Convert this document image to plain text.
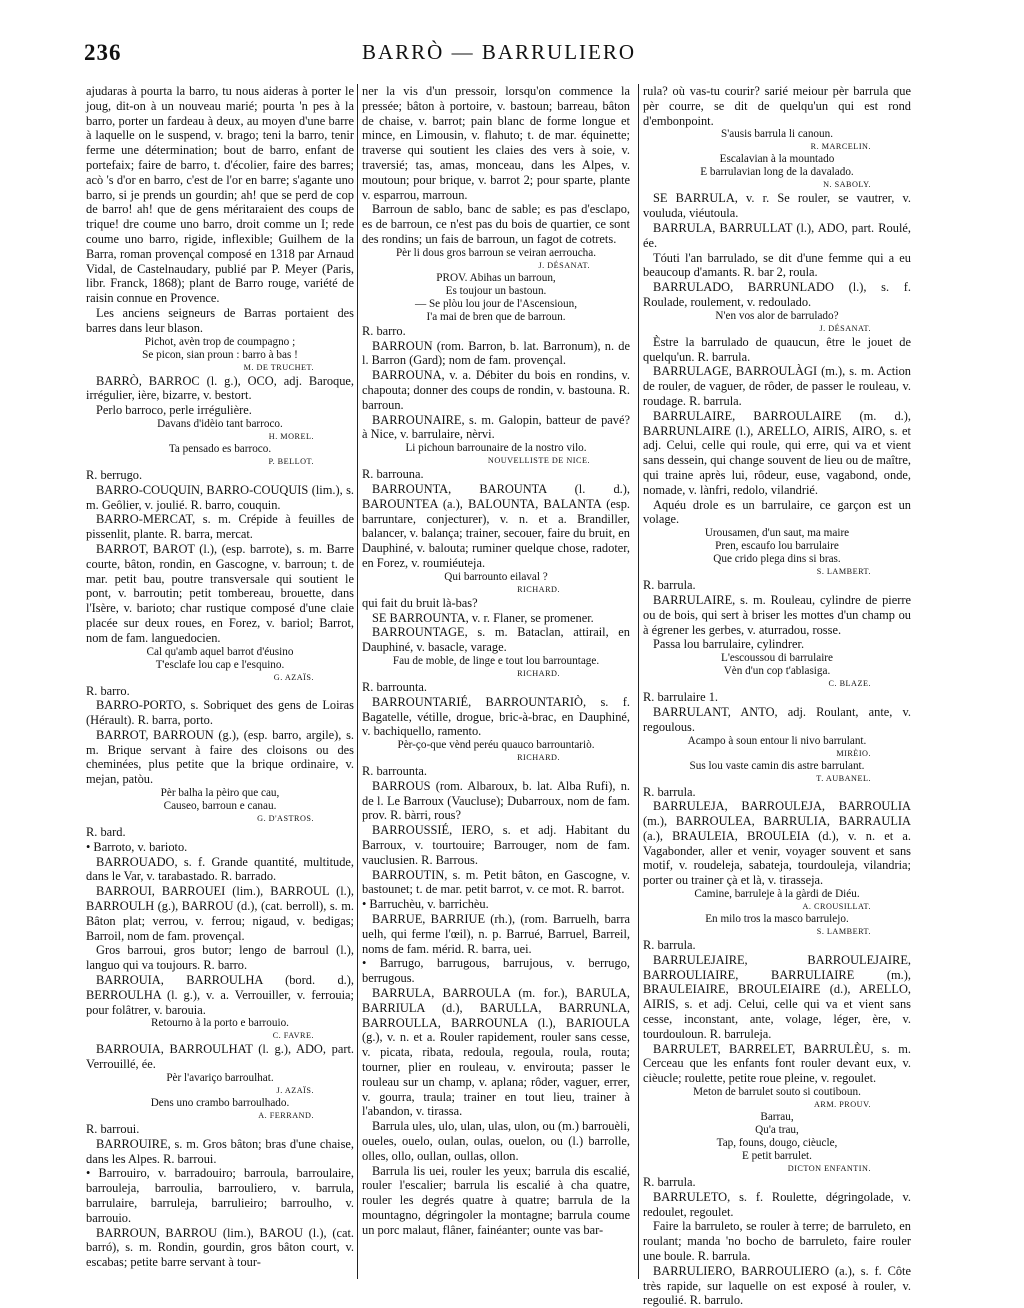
236	BARRÒ — BARRULIERO

ajudaras à pourta la barro, tu nous aideras à porter le joug, dit-on à un nouveau marié; pourta 'n pes à la barro, porter un fardeau à deux, au moyen d'une barre à laquelle on le suspend, v. brago; teni la barro, tenir ferme une détermination; bout de barro, enfant de portefaix; faire de barro, t. d'écolier, faire des barres; acò 's d'or en barro, c'est de l'or en barre; s'agante uno barro, si je prends un gourdin; ah! que se perd de cop de barro! ah! que de gens méritaraient des coups de trique! dre coume uno barro, droit comme un I; rede coume uno barro, rigide, inflexible; Guilhem de la Barra, roman provençal composé en 1318 par Arnaud Vidal, de Castelnaudary, publié par P. Meyer (Paris, libr. Franck, 1868); plant de Barro rouge, variété de raisin connue en Provence.

Les anciens seigneurs de Barras portaient des barres dans leur blason.

Pichot, avèn trop de coumpagno ;
Se picon, sian proun : barro à bas !
M. DE TRUCHET.

BARRÒ, BARROC (l. g.), OCO, adj. Baroque, irrégulier, ière, bizarre, v. bestort.

Perlo barroco, perle irrégulière.

Davans d'idèio tant barroco.
H. MOREL.
Ta pensado es barroco.
P. BELLOT.

R. berrugo.

BARRO-COUQUIN, BARRO-COUQUIS (lim.), s. m. Geôlier, v. joulié. R. barro, couquin.

BARRO-MERCAT, s. m. Crépide à feuilles de pissenlit, plante. R. barra, mercat.

BARROT, BAROT (l.), (esp. barrote), s. m. Barre courte, bâton, rondin, en Gascogne, v. barroun; t. de mar. petit bau, poutre transversale qui soutient le pont, v. barroutin; petit tombereau, brouette, dans l'Isère, v. barioto; char rustique composé d'une claie placée sur deux roues, en Forez, v. bariol; Barrot, nom de fam. languedocien.

Cal qu'amb aquel barrot d'éusino
T'esclafe lou cap e l'esquino.
G. AZAÏS.

R. barro.

BARRO-PORTO, s. Sobriquet des gens de Loiras (Hérault). R. barra, porto.

BARROT, BARROUN (g.), (esp. barro, argile), s. m. Brique servant à faire des cloisons ou des cheminées, plus petite que la brique ordinaire, v. mejan, patòu.

Pèr balha la pèiro que cau,
Causeo, barroun e canau.
G. D'ASTROS.

R. bard.

• Barroto, v. barioto.

BARROUADO, s. f. Grande quantité, multitude, dans le Var, v. tarabastado. R. barrado.

BARROUI, BARROUEI (lim.), BARROUL (l.), BARROULH (g.), BARROU (d.), (cat. berroll), s. m. Bâton plat; verrou, v. ferrou; nigaud, v. bedigas; Barroil, nom de fam. provençal.

Gros barroui, gros butor; lengo de barroul (l.), languo qui va toujours. R. barro.

BARROUIA, BARROULHA (bord. d.), BERROULHA (l. g.), v. a. Verrouiller, v. ferrouia; pour folâtrer, v. barouia.

Retourno à la porto e barrouio.
C. FAVRE.

BARROUIA, BARROULHAT (l. g.), ADO, part. Verrouillé, ée.

Pèr l'avariço barroulhat.
J. AZAÏS.
Dens uno crambo barroulhado.
A. FERRAND.

R. barroui.

BARROUIRE, s. m. Gros bâton; bras d'une chaise, dans les Alpes. R. barroui.

• Barrouiro, v. barradouiro; barroula, barroulaire, barrouleja, barroulia, barrouliero, v. barrula, barrulaire, barruleja, barrulieiro; barroulho, v. barrouio.

BARROUN, BARROU (lim.), BAROU (l.), (cat. barró), s. m. Rondin, gourdin, gros bâton court, v. escabas; petite barre servant à tour-

ner la vis d'un pressoir, lorsqu'on commence la pressée; bâton à portoire, v. bastoun; barreau, bâton de chaise, v. barrot; pain blanc de forme longue et mince, en Limousin, v. flahuto; t. de mar. équinette; traverse qui soutient les claies des vers à soie, v. traversié; tas, amas, monceau, dans les Alpes, v. moutoun; pour brique, v. barrot 2; pour sparte, plante v. esparrou, marroun.

Barroun de sablo, banc de sable; es pas d'esclapo, es de barroun, ce n'est pas du bois de quartier, ce sont des rondins; un fais de barroun, un fagot de cotrets.

Pèr li dous gros barroun se veiran aerroucha.
J. DÉSANAT.
PROV. Abihas un barroun,
Es toujour un bastoun.
— Se plòu lou jour de l'Ascensioun,
I'a mai de bren que de barroun.

R. barro.

BARROUN (rom. Barron, b. lat. Barronum), n. de l. Barron (Gard); nom de fam. provençal.

BARROUNA, v. a. Débiter du bois en rondins, v. chapouta; donner des coups de rondin, v. bastouna. R. barroun.

BARROUNAIRE, s. m. Galopin, batteur de pavé? à Nice, v. barrulaire, nèrvi.

Li pichoun barrounaire de la nostro vilo.
NOUVELLISTE DE NICE.

R. barrouna.

BARROUNTA, BAROUNTA (l. d.), BAROUNTEA (a.), BALOUNTA, BALANTA (esp. barruntare, conjecturer), v. n. et a. Brandiller, balancer, v. balança; trainer, secouer, faire du bruit, en Dauphiné, v. balouta; ruminer quelque chose, radoter, en Forez, v. roumiéuteja.

Qui barrounto eilaval ?
RICHARD.

qui fait du bruit là-bas?

SE BARROUNTA, v. r. Flaner, se promener.

BARROUNTAGE, s. m. Bataclan, attirail, en Dauphiné, v. basacle, varage.

Fau de moble, de linge e tout lou barrountage.
RICHARD.

R. barrounta.

BARROUNTARIÉ, BARROUNTARIÒ, s. f. Bagatelle, vétille, drogue, bric-à-brac, en Dauphiné, v. bachiquello, ramento.

Pèr-ço-que vènd peréu quauco barrountariò.
RICHARD.

R. barrounta.

BARROUS (rom. Albaroux, b. lat. Alba Rufi), n. de l. Le Barroux (Vaucluse); Dubarroux, nom de fam. prov. R. bàrri, rous?

BARROUSSIÉ, IERO, s. et adj. Habitant du Barroux, v. tourtouire; Barrouger, nom de fam. vauclusien. R. Barrous.

BARROUTIN, s. m. Petit bâton, en Gascogne, v. bastounet; t. de mar. petit barrot, v. ce mot. R. barrot.

• Barruchèu, v. barrichèu.

BARRUE, BARRIUE (rh.), (rom. Barruelh, barra uelh, qui ferme l'œil), n. p. Barrué, Barruel, Barreil, noms de fam. mérid. R. barra, uei.

• Barrugo, barrugous, barrujous, v. berrugo, berrugous.

BARRULA, BARROULA (m. for.), BARULA, BARRIULA (d.), BARULLA, BARRUNLA, BARROULLA, BARROUNLA (l.), BARIOULA (g.), v. n. et a. Rouler rapidement, rouler sans cesse, v. picata, ribata, redoula, regoula, roula, routa; tourner, plier en rouleau, v. envirouta; passer le rouleau sur un champ, v. aplana; rôder, vaguer, errer, v. gourra, traula; trainer en tout lieu, trainer à l'abandon, v. tirassa.

Barrula ules, ulo, ulan, ulas, ulon, ou (m.) barrouèli, oueles, ouelo, oulan, oulas, ouelon, ou (l.) barrolle, olles, ollo, oullan, oullas, ollon.

Barrula lis uei, rouler les yeux; barrula dis escalié, rouler l'escalier; barrula lis escalié à cha quatre, rouler les degrés quatre à quatre; barrula de la mountagno, dégringoler la montagne; barrula coume un porc malaut, flâner, fainéanter; ounte vas bar-

rula? où vas-tu courir? sarié meiour pèr barrula que pèr courre, se dit de quelqu'un qui est rond d'embonpoint.

S'ausis barrula li canoun.
R. MARCELIN.
Escalavian à la mountado
E barrulavian long de la davalado.
N. SABOLY.

SE BARRULA, v. r. Se rouler, se vautrer, v. vouluda, viéutoula.

BARRULA, BARRULLAT (l.), ADO, part. Roulé, ée.

Tóuti l'an barrulado, se dit d'une femme qui a eu beaucoup d'amants. R. bar 2, roula.

BARRULADO, BARRUNLADO (l.), s. f. Roulade, roulement, v. redoulado.

N'en vos alor de barrulado?
J. DÉSANAT.

Èstre la barrulado de quaucun, être le jouet de quelqu'un. R. barrula.

BARRULAGE, BARROULÀGI (m.), s. m. Action de rouler, de vaguer, de rôder, de passer le rouleau, v. roudage. R. barrula.

BARRULAIRE, BARROULAIRE (m. d.), BARRUNLAIRE (l.), ARELLO, AIRIS, AIRO, s. et adj. Celui, celle qui roule, qui erre, qui va et vient sans dessein, qui change souvent de lieu ou de maître, qui traine après lui, rôdeur, euse, vagabond, onde, nomade, v. lànfri, redolo, vilandrié.

Aquéu drole es un barrulaire, ce garçon est un volage.

Urousamen, d'un saut, ma maire
Pren, escaufo lou barrulaire
Que crido plega dins si bras.
S. LAMBERT.

R. barrula.

BARRULAIRE, s. m. Rouleau, cylindre de pierre ou de bois, qui sert à briser les mottes d'un champ ou à égrener les gerbes, v. aturradou, rosse.

Passa lou barrulaire, cylindrer.

L'escoussou di barrulaire
Vèn d'un cop t'ablasiga.
C. BLAZE.

R. barrulaire 1.

BARRULANT, ANTO, adj. Roulant, ante, v. regoulous.

Acampo à soun entour li nivo barrulant.
MIRÈIO.
Sus lou vaste camin dis astre barrulant.
T. AUBANEL.

R. barrula.

BARRULEJA, BARROULEJA, BARROULIA (m.), BARROULEA, BARRULIA, BARRAULIA (a.), BRAULEIA, BROULEIA (d.), v. n. et a. Vagabonder, aller et venir, voyager souvent et sans motif, v. roudeleja, sabateja, tourdouleja, vilandria; porter ou trainer çà et là, v. tirasseja.

Camine, barruleje à la gàrdi de Diéu.
A. CROUSILLAT.
En milo tros la masco barrulejo.
S. LAMBERT.

R. barrula.

BARRULEJAIRE, BARROULEJAIRE, BARROULIAIRE, BARRULIAIRE (m.), BRAULEIAIRE, BROULEIAIRE (d.), ARELLO, AIRIS, s. et adj. Celui, celle qui va et vient sans cesse, inconstant, ante, volage, léger, ère, v. tourdouloun. R. barruleja.

BARRULET, BARRELET, BARRULÈU, s. m. Cerceau que les enfants font rouler devant eux, v. cièucle; roulette, petite roue pleine, v. regoulet.

Meton de barrulet souto si coutiboun.
ARM. PROUV.
Barrau,
Qu'a trau,
Tap, founs, dougo, cièucle,
E petit barrulet.
DICTON ENFANTIN.

R. barrula.

BARRULETO, s. f. Roulette, dégringolade, v. redoulet, regoulet.

Faire la barruleto, se rouler à terre; de barruleto, en roulant; manda 'no bocho de barruleto, faire rouler une boule. R. barrula.

BARRULIERO, BARROULIERO (a.), s. f. Côte très rapide, sur laquelle on est exposé à rouler, v. regoulié. R. barrulo.
